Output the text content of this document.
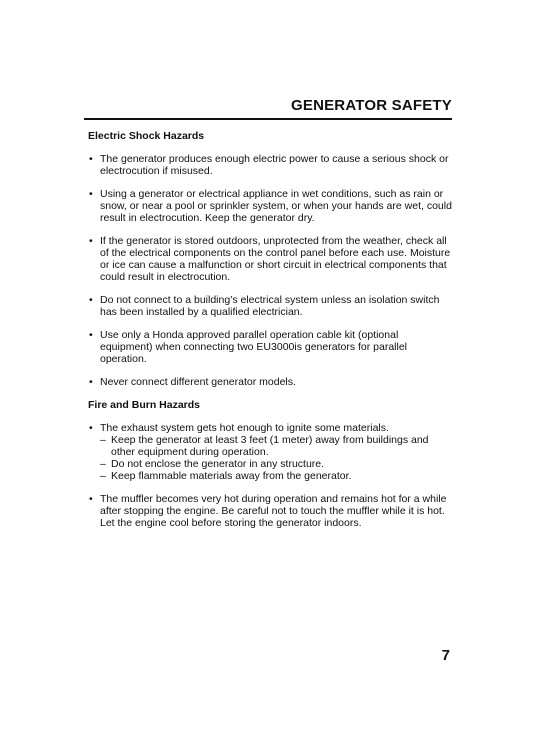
GENERATOR SAFETY
Electric Shock Hazards
• The generator produces enough electric power to cause a serious shock or electrocution if misused.
• Using a generator or electrical appliance in wet conditions, such as rain or snow, or near a pool or sprinkler system, or when your hands are wet, could result in electrocution. Keep the generator dry.
• If the generator is stored outdoors, unprotected from the weather, check all of the electrical components on the control panel before each use. Moisture or ice can cause a malfunction or short circuit in electrical components that could result in electrocution.
• Do not connect to a building’s electrical system unless an isolation switch has been installed by a qualified electrician.
• Use only a Honda approved parallel operation cable kit (optional equipment) when connecting two EU3000is generators for parallel operation.
• Never connect different generator models.
Fire and Burn Hazards
• The exhaust system gets hot enough to ignite some materials.
– Keep the generator at least 3 feet (1 meter) away from buildings and other equipment during operation.
– Do not enclose the generator in any structure.
– Keep flammable materials away from the generator.
• The muffler becomes very hot during operation and remains hot for a while after stopping the engine. Be careful not to touch the muffler while it is hot. Let the engine cool before storing the generator indoors.
7
